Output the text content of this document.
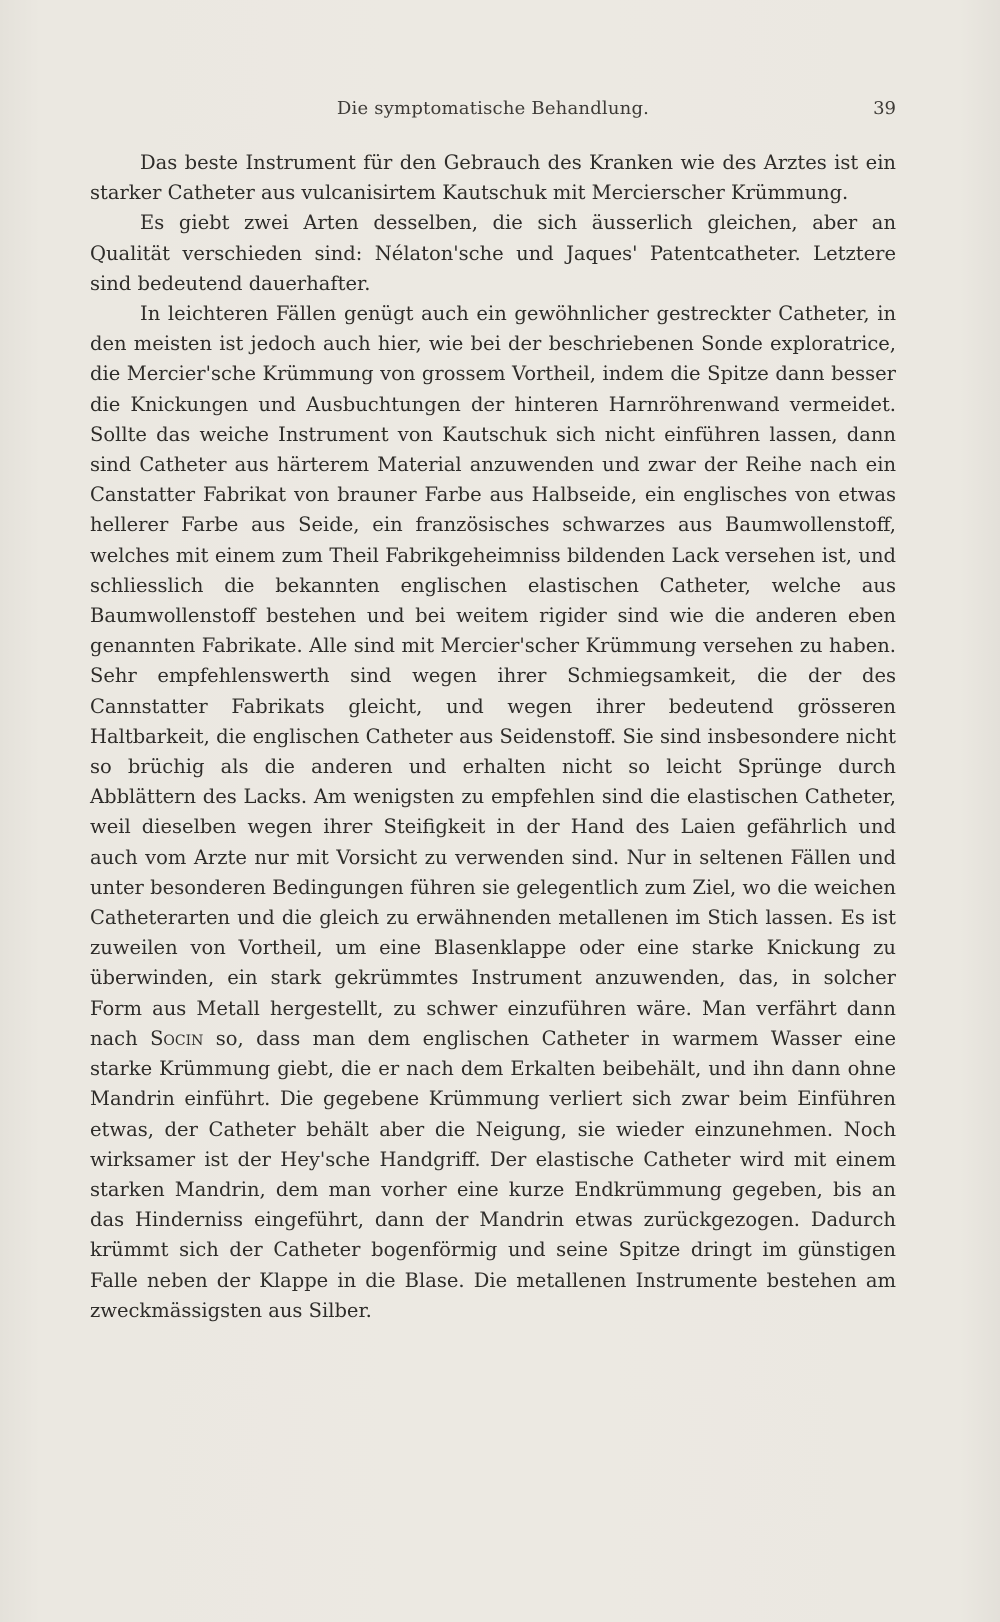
Die symptomatische Behandlung.	39

Das beste Instrument für den Gebrauch des Kranken wie des Arztes ist ein starker Catheter aus vulcanisirtem Kautschuk mit Mercierscher Krümmung.

Es giebt zwei Arten desselben, die sich äusserlich gleichen, aber an Qualität verschieden sind: Nélaton'sche und Jaques' Patentcatheter. Letztere sind bedeutend dauerhafter.

In leichteren Fällen genügt auch ein gewöhnlicher gestreckter Catheter, in den meisten ist jedoch auch hier, wie bei der beschriebenen Sonde exploratrice, die Mercier'sche Krümmung von grossem Vortheil, indem die Spitze dann besser die Knickungen und Ausbuchtungen der hinteren Harnröhrenwand vermeidet. Sollte das weiche Instrument von Kautschuk sich nicht einführen lassen, dann sind Catheter aus härterem Material anzuwenden und zwar der Reihe nach ein Canstatter Fabrikat von brauner Farbe aus Halbseide, ein englisches von etwas hellerer Farbe aus Seide, ein französisches schwarzes aus Baumwollenstoff, welches mit einem zum Theil Fabrikgeheimniss bildenden Lack versehen ist, und schliesslich die bekannten englischen elastischen Catheter, welche aus Baumwollenstoff bestehen und bei weitem rigider sind wie die anderen eben genannten Fabrikate. Alle sind mit Mercier'scher Krümmung versehen zu haben. Sehr empfehlenswerth sind wegen ihrer Schmiegsamkeit, die der des Cannstatter Fabrikats gleicht, und wegen ihrer bedeutend grösseren Haltbarkeit, die englischen Catheter aus Seidenstoff. Sie sind insbesondere nicht so brüchig als die anderen und erhalten nicht so leicht Sprünge durch Abblättern des Lacks. Am wenigsten zu empfehlen sind die elastischen Catheter, weil dieselben wegen ihrer Steifigkeit in der Hand des Laien gefährlich und auch vom Arzte nur mit Vorsicht zu verwenden sind. Nur in seltenen Fällen und unter besonderen Bedingungen führen sie gelegentlich zum Ziel, wo die weichen Catheterarten und die gleich zu erwähnenden metallenen im Stich lassen. Es ist zuweilen von Vortheil, um eine Blasenklappe oder eine starke Knickung zu überwinden, ein stark gekrümmtes Instrument anzuwenden, das, in solcher Form aus Metall hergestellt, zu schwer einzuführen wäre. Man verfährt dann nach Socin so, dass man dem englischen Catheter in warmem Wasser eine starke Krümmung giebt, die er nach dem Erkalten beibehält, und ihn dann ohne Mandrin einführt. Die gegebene Krümmung verliert sich zwar beim Einführen etwas, der Catheter behält aber die Neigung, sie wieder einzunehmen. Noch wirksamer ist der Hey'sche Handgriff. Der elastische Catheter wird mit einem starken Mandrin, dem man vorher eine kurze Endkrümmung gegeben, bis an das Hinderniss eingeführt, dann der Mandrin etwas zurückgezogen. Dadurch krümmt sich der Catheter bogenförmig und seine Spitze dringt im günstigen Falle neben der Klappe in die Blase. Die metallenen Instrumente bestehen am zweckmässigsten aus Silber.
